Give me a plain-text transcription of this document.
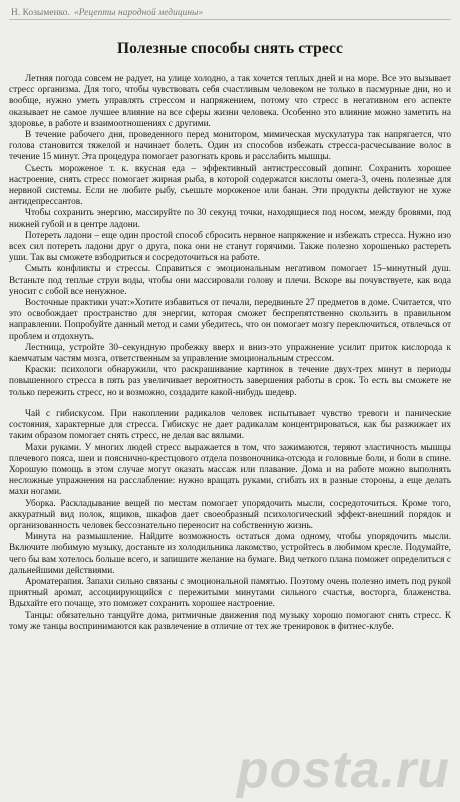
Н. Козыменко. «Рецепты народной медицины»
Полезные способы снять стресс

Летняя погода совсем не радует, на улице холодно, а так хочется теплых дней и на море. Все это вызывает стресс организма. Для того, чтобы чувствовать себя счастливым человеком не только в пасмурные дни, но и вообще, нужно уметь управлять стрессом и напряжением, потому что стресс в негативном его аспекте оказывает не самое лучшее влияние на все сферы жизни человека. Особенно это влияние можно заметить на здоровье, в работе и взаимоотношениях с другими.

В течение рабочего дня, проведенного перед монитором, мимическая мускулатура так напрягается, что голова становится тяжелой и начинает болеть. Один из способов избежать стресса-расчесывание волос в течение 15 минут. Эта процедура помогает разогнать кровь и расслабить мышцы.

Съесть мороженое т. к. вкусная еда – эффективный антистрессовый допинг. Сохранить хорошее настроение, снять стресс помогает жирная рыба, в которой содержатся кислоты омега-3, очень полезные для нервной системы. Если не любите рыбу, съешьте мороженое или банан. Эти продукты действуют не хуже антидепрессантов.

Чтобы сохранить энергию, массируйте по 30 секунд точки, находящиеся под носом, между бровями, под нижней губой и в центре ладони.

Потереть ладони – еще один простой способ сбросить нервное напряжение и избежать стресса. Нужно изо всех сил потереть ладони друг о друга, пока они не станут горячими. Также полезно хорошенько растереть уши. Так вы сможете взбодриться и сосредоточиться на работе.

Смыть конфликты и стрессы. Справиться с эмоциональным негативом помогает 15–минутный душ. Встаньте под теплые струи воды, чтобы они массировали голову и плечи. Вскоре вы почувствуете, как вода уносит с собой все ненужное.

Восточные практики учат:»Хотите избавиться от печали, передвиньте 27 предметов в доме. Считается, что это освобождает пространство для энергии, которая сможет беспрепятственно скользить в правильном направлении. Попробуйте данный метод и сами убедитесь, что он помогает мозгу переключиться, отвлечься от проблем и отдохнуть.

Лестница, устройте 30–секундную пробежку вверх и вниз-это упражнение усилит приток кислорода к каемчатым частям мозга, ответственным за управление эмоциональным стрессом.

Краски: психологи обнаружили, что раскрашивание картинок в течение двух-трех минут в периоды повышенного стресса в пять раз увеличивает вероятность завершения работы в срок. То есть вы сможете не только пережить стресс, но и возможно, создадите какой-нибудь шедевр.

Чай с гибискусом. При накоплении радикалов человек испытывает чувство тревоги и панические состояния, характерные для стресса. Гибискус не дает радикалам концентрироваться, как бы разжижает их таким образом помогает снять стресс, не делая вас вялыми.

Махи руками. У многих людей стресс выражается в том, что зажимаются, теряют эластичность мышцы плечевого пояса, шеи и пояснично-крестцового отдела позвоночника-отсюда и головные боли, и боли в спине. Хорошую помощь в этом случае могут оказать массаж или плавание. Дома и на работе можно выполнять несложные упражнения на расслабление: нужно вращать руками, сгибать их в разные стороны, а еще делать махи ногами.

Уборка. Раскладывание вещей по местам помогает упорядочить мысли, сосредоточиться. Кроме того, аккуратный вид полок, ящиков, шкафов дает своеобразный психологический эффект-внешний порядок и организованность человек бессознательно переносит на собственную жизнь.

Минута на размышление. Найдите возможность остаться дома одному, чтобы упорядочить мысли. Включите любимую музыку, достаньте из холодильника лакомство, устройтесь в любимом кресле. Подумайте, чего бы вам хотелось больше всего, и запишите желание на бумаге. Вид четкого плана поможет определиться с дальнейшими действиями.

Ароматерапия. Запахи сильно связаны с эмоциональной памятью. Поэтому очень полезно иметь под рукой приятный аромат, ассоциирующийся с пережитыми минутами сильного счастья, восторга, блаженства. Вдыхайте его почаще, это поможет сохранить хорошее настроение.

Танцы: обязательно танцуйте дома, ритмичные движения под музыку хорошо помогают снять стресс. К тому же танцы воспринимаются как развлечение в отличие от тех же тренировок в фитнес-клубе.

posta.ru
